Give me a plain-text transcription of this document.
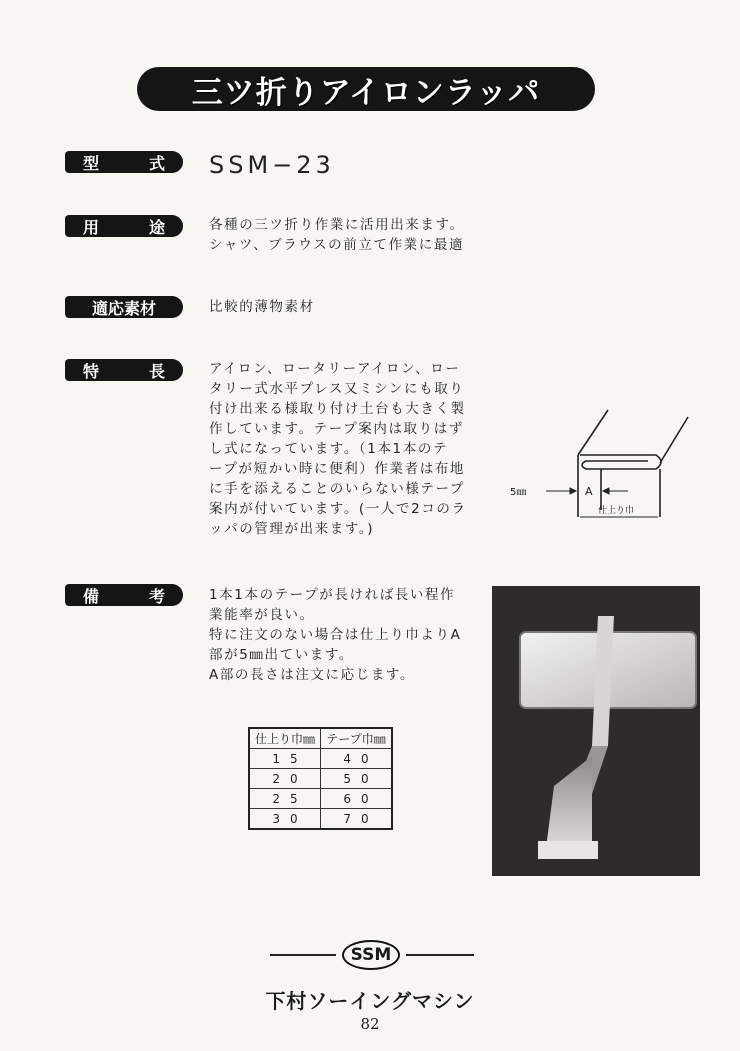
三ツ折りアイロンラッパ
型	式 SSM−23
用	途	各種の三ツ折り作業に活用出来ます。
シャツ、ブラウスの前立て作業に最適
適応素材	比較的薄物素材
特	長	アイロン、ロータリーアイロン、ロー
タリー式水平プレス又ミシンにも取り
付け出来る様取り付け土台も大きく製
作しています。テープ案内は取りはず
し式になっています。（1本1本のテ
ープが短かい時に便利）作業者は布地
に手を添えることのいらない様テープ
案内が付いています。(一人で2コのラ
ッパの管理が出来ます。)
5㎜	A
仕上り巾
備	考	1本1本のテープが長ければ長い程作
業能率が良い。
特に注文のない場合は仕上り巾よりA
部が5㎜出ています。
A部の長さは注文に応じます。
仕上り巾㎜	テープ巾㎜
15	40
20	50
25	60
30	70
SSM
下村ソーイングマシン
82
